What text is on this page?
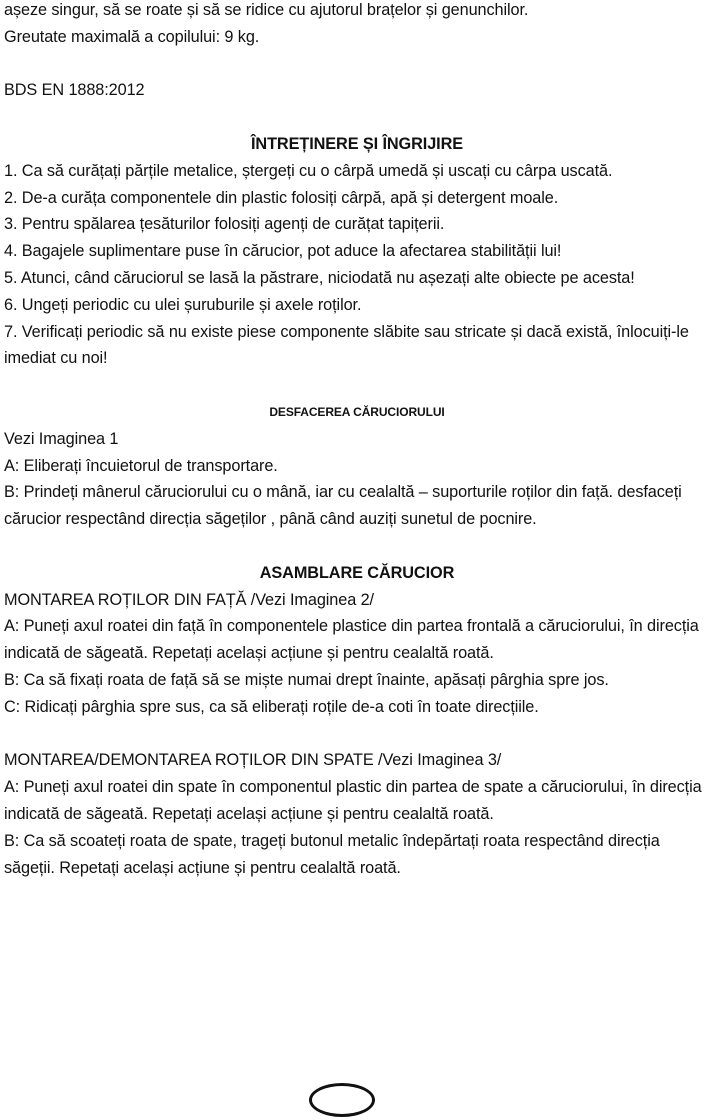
așeze singur, să se roate și să se ridice cu ajutorul brațelor și genunchilor.

Greutate maximală a copilului: 9 kg.

BDS EN 1888:2012

ÎNTREȚINERE ȘI ÎNGRIJIRE

1. Ca să curățați părțile metalice, ștergeți cu o cârpă umedă și uscați cu cârpa uscată.

2. De-a curăța componentele din plastic folosiți cârpă, apă și detergent moale.

3. Pentru spălarea țesăturilor folosiți agenți de curățat tapițerii.

4. Bagajele suplimentare puse în cărucior, pot aduce la afectarea stabilității lui!

5. Atunci, când căruciorul se lasă la păstrare, niciodată nu așezați alte obiecte pe acesta!

6. Ungeți periodic cu ulei șuruburile și axele roților.

7. Verificați periodic să nu existe piese componente slăbite sau stricate și dacă există, înlocuiți-le imediat cu noi!

DESFACEREA CĂRUCIORULUI

Vezi Imaginea 1

A: Eliberați încuietorul de transportare.

B: Prindeți mânerul căruciorului cu o mână, iar cu cealaltă – suporturile roților din față. desfaceți cărucior respectând direcția săgeților , până când auziți sunetul de pocnire.

ASAMBLARE CĂRUCIOR

MONTAREA ROȚILOR DIN FAȚĂ /Vezi Imaginea 2/

A: Puneți axul roatei din față în componentele plastice din partea frontală a căruciorului, în direcția indicată de săgeată. Repetați același acțiune și pentru cealaltă roată.

B: Ca să fixați roata de față să se miște numai drept înainte, apăsați pârghia spre jos.

C: Ridicați pârghia spre sus, ca să eliberați roțile de-a coti în toate direcțiile.

MONTAREA/DEMONTAREA ROȚILOR DIN SPATE /Vezi Imaginea 3/

A: Puneți axul roatei din spate în componentul plastic din partea de spate a căruciorului, în direcția indicată de săgeată. Repetați același acțiune și pentru cealaltă roată.

B: Ca să scoateți roata de spate, trageți butonul metalic îndepărtați roata respectând direcția săgeții. Repetați același acțiune și pentru cealaltă roată.
